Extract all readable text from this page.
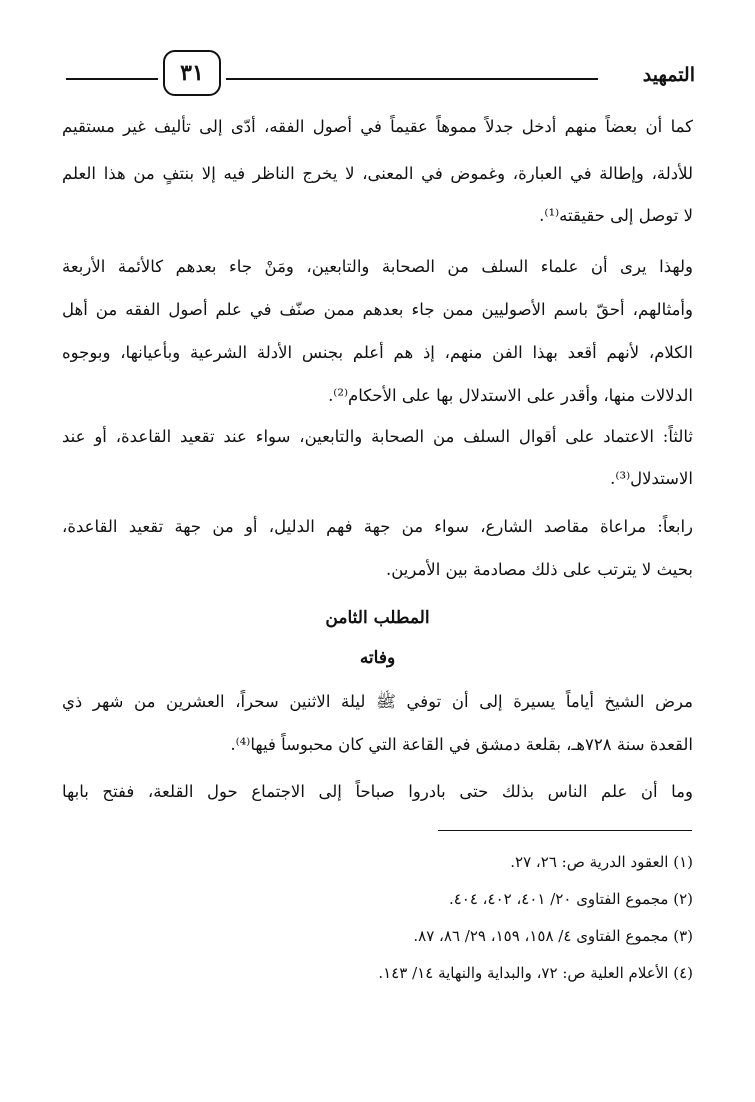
التمهيد
٣١
كما أن بعضاً منهم أدخل جدلاً مموهاً عقيماً في أصول الفقه، أدّى إلى تأليف غير مستقيم
للأدلة، وإطالة في العبارة، وغموض في المعنى، لا يخرج الناظر فيه إلا بنتفٍ من هذا العلم
لا توصل إلى حقيقته⁽¹⁾.
ولهذا يرى أن علماء السلف من الصحابة والتابعين، ومَنْ جاء بعدهم كالأئمة الأربعة
وأمثالهم، أحقّ باسم الأصوليين ممن جاء بعدهم ممن صنّف في علم أصول الفقه من أهل
الكلام، لأنهم أقعد بهذا الفن منهم، إذ هم أعلم بجنس الأدلة الشرعية وبأعيانها، وبوجوه
الدلالات منها، وأقدر على الاستدلال بها على الأحكام⁽²⁾.
ثالثاً: الاعتماد على أقوال السلف من الصحابة والتابعين، سواء عند تقعيد القاعدة، أو عند
الاستدلال⁽³⁾.
رابعاً: مراعاة مقاصد الشارع، سواء من جهة فهم الدليل، أو من جهة تقعيد القاعدة،
بحيث لا يترتب على ذلك مصادمة بين الأمرين.
المطلب الثامن
وفاته
مرض الشيخ أياماً يسيرة إلى أن توفي ﷺ ليلة الاثنين سحراً، العشرين من شهر ذي
القعدة سنة ٧٢٨هـ، بقلعة دمشق في القاعة التي كان محبوساً فيها⁽⁴⁾.
وما أن علم الناس بذلك حتى بادروا صباحاً إلى الاجتماع حول القلعة، ففتح بابها
(١) العقود الدرية ص: ٢٦، ٢٧.
(٢) مجموع الفتاوى ٢٠/ ٤٠١، ٤٠٢، ٤٠٤.
(٣) مجموع الفتاوى ٤/ ١٥٨، ١٥٩، ٢٩/ ٨٦، ٨٧.
(٤) الأعلام العلية ص: ٧٢، والبداية والنهاية ١٤/ ١٤٣.
